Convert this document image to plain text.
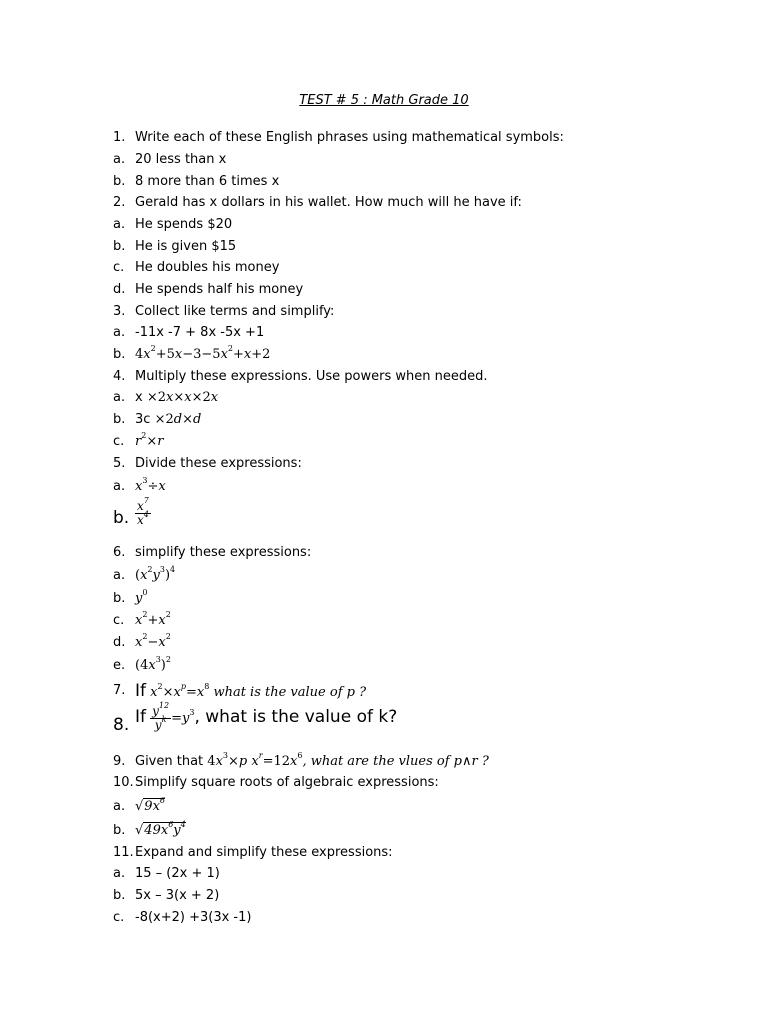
TEST # 5 : Math Grade 10
1. Write each of these English phrases using mathematical symbols:
a. 20 less than x
b. 8 more than 6 times x
2. Gerald has x dollars in his wallet. How much will he have if:
a. He spends $20
b. He is given $15
c. He doubles his money
d. He spends half his money
3. Collect like terms and simplify:
a. -11x -7 + 8x -5x +1
b. $4x^2+5x-3-5x^2+x+2$
4. Multiply these expressions. Use powers when needed.
a. x ×2x×x×2x
b. 3c ×2d×d
c. $r^2\times r$
5. Divide these expressions:
a. $x^3\div x$
b. $\frac{x^7}{x^4}$
6. simplify these expressions:
a. $(x^2y^3)^4$
b. $y^0$
c. $x^2+x^2$
d. $x^2-x^2$
e. $(4x^3)^2$
7. If $x^2\times x^p=x^8$ what is the value of p ?
8. If $\frac{y^{12}}{y^k} =y^3$, what is the value of k?
9. Given that $4x^3\times p$ $x^r=12x^6$, what are the vlues of p∧r ?
10. Simplify square roots of algebraic expressions:
a. $√9x^6$
b. $√49x^6y^4$
11. Expand and simplify these expressions:
a. 15 – (2x + 1)
b. 5x – 3(x + 2)
c. -8(x+2) +3(3x -1)
